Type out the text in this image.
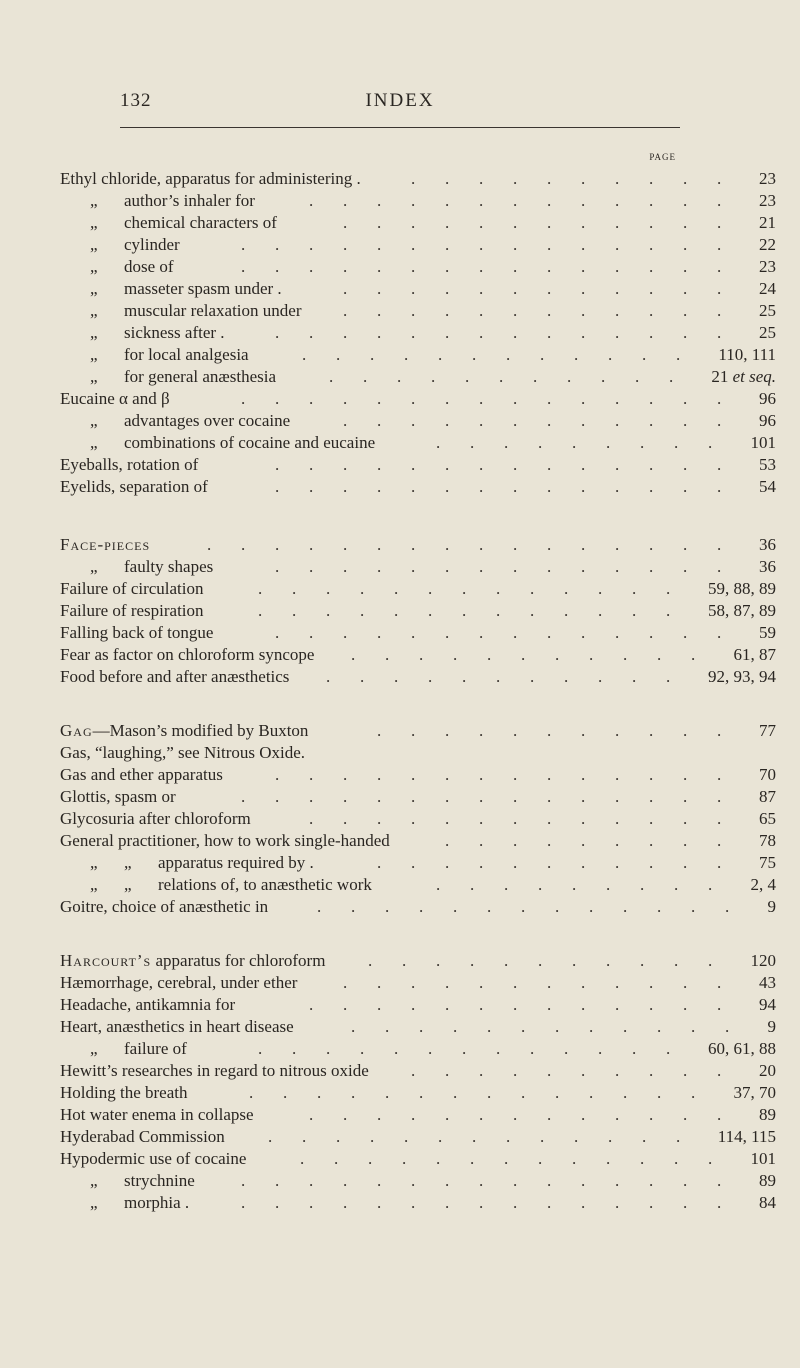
132	INDEX
PAGE
Ethyl chloride, apparatus for administering .	23
.       .       .       .       .       .       .       .       .       .
„ author’s inhaler for	23
.       .       .       .       .       .       .       .       .       .       .       .       .
„ chemical characters of	21
.       .       .       .       .       .       .       .       .       .       .       .
„ cylinder	22
.       .       .       .       .       .       .       .       .       .       .       .       .       .       .
„ dose of	23
.       .       .       .       .       .       .       .       .       .       .       .       .       .       .
„ masseter spasm under .	24
.       .       .       .       .       .       .       .       .       .       .       .
„ muscular relaxation under	25
.       .       .       .       .       .       .       .       .       .       .       .
„ sickness after .	25
.       .       .       .       .       .       .       .       .       .       .       .       .       .
„ for local analgesia	110, 111
.       .       .       .       .       .       .       .       .       .       .       .
„ for general anæsthesia	21 et seq.
.       .       .       .       .       .       .       .       .       .       .
Eucaine α and β	96
.       .       .       .       .       .       .       .       .       .       .       .       .       .       .
„ advantages over cocaine	96
.       .       .       .       .       .       .       .       .       .       .       .
„ combinations of cocaine and eucaine	101
.       .       .       .       .       .       .       .       .
Eyeballs, rotation of	53
.       .       .       .       .       .       .       .       .       .       .       .       .       .
Eyelids, separation of	54
.       .       .       .       .       .       .       .       .       .       .       .       .       .
Face-pieces	36
.       .       .       .       .       .       .       .       .       .       .       .       .       .       .       .
„ faulty shapes	36
.       .       .       .       .       .       .       .       .       .       .       .       .       .
Failure of circulation	59, 88, 89
.       .       .       .       .       .       .       .       .       .       .       .       .
Failure of respiration	58, 87, 89
.       .       .       .       .       .       .       .       .       .       .       .       .
Falling back of tongue	59
.       .       .       .       .       .       .       .       .       .       .       .       .       .
Fear as factor on chloroform syncope	61, 87
.       .       .       .       .       .       .       .       .       .       .
Food before and after anæsthetics	92, 93, 94
.       .       .       .       .       .       .       .       .       .       .
Gag—Mason’s modified by Buxton	77
.       .       .       .       .       .       .       .       .       .       .
Gas, “laughing,” see Nitrous Oxide.
Gas and ether apparatus	70
.       .       .       .       .       .       .       .       .       .       .       .       .       .
Glottis, spasm or	87
.       .       .       .       .       .       .       .       .       .       .       .       .       .       .
Glycosuria after chloroform	65
.       .       .       .       .       .       .       .       .       .       .       .       .
General practitioner, how to work single-handed	78
.       .       .       .       .       .       .       .       .
„ „ apparatus required by .	75
.       .       .       .       .       .       .       .       .       .       .
„ „ relations of, to anæsthetic work	2, 4
.       .       .       .       .       .       .       .       .
Goitre, choice of anæsthetic in	9
.       .       .       .       .       .       .       .       .       .       .       .       .
Harcourt’s apparatus for chloroform	120
.       .       .       .       .       .       .       .       .       .       .
Hæmorrhage, cerebral, under ether	43
.       .       .       .       .       .       .       .       .       .       .       .
Headache, antikamnia for	94
.       .       .       .       .       .       .       .       .       .       .       .       .
Heart, anæsthetics in heart disease	9
.       .       .       .       .       .       .       .       .       .       .       .
„ failure of	60, 61, 88
.       .       .       .       .       .       .       .       .       .       .       .       .
Hewitt’s researches in regard to nitrous oxide	20
.       .       .       .       .       .       .       .       .       .
Holding the breath	37, 70
.       .       .       .       .       .       .       .       .       .       .       .       .       .
Hot water enema in collapse	89
.       .       .       .       .       .       .       .       .       .       .       .       .
Hyderabad Commission	114, 115
.       .       .       .       .       .       .       .       .       .       .       .       .
Hypodermic use of cocaine	101
.       .       .       .       .       .       .       .       .       .       .       .       .
„ strychnine	89
.       .       .       .       .       .       .       .       .       .       .       .       .       .       .
„ morphia .	84
.       .       .       .       .       .       .       .       .       .       .       .       .       .       .
